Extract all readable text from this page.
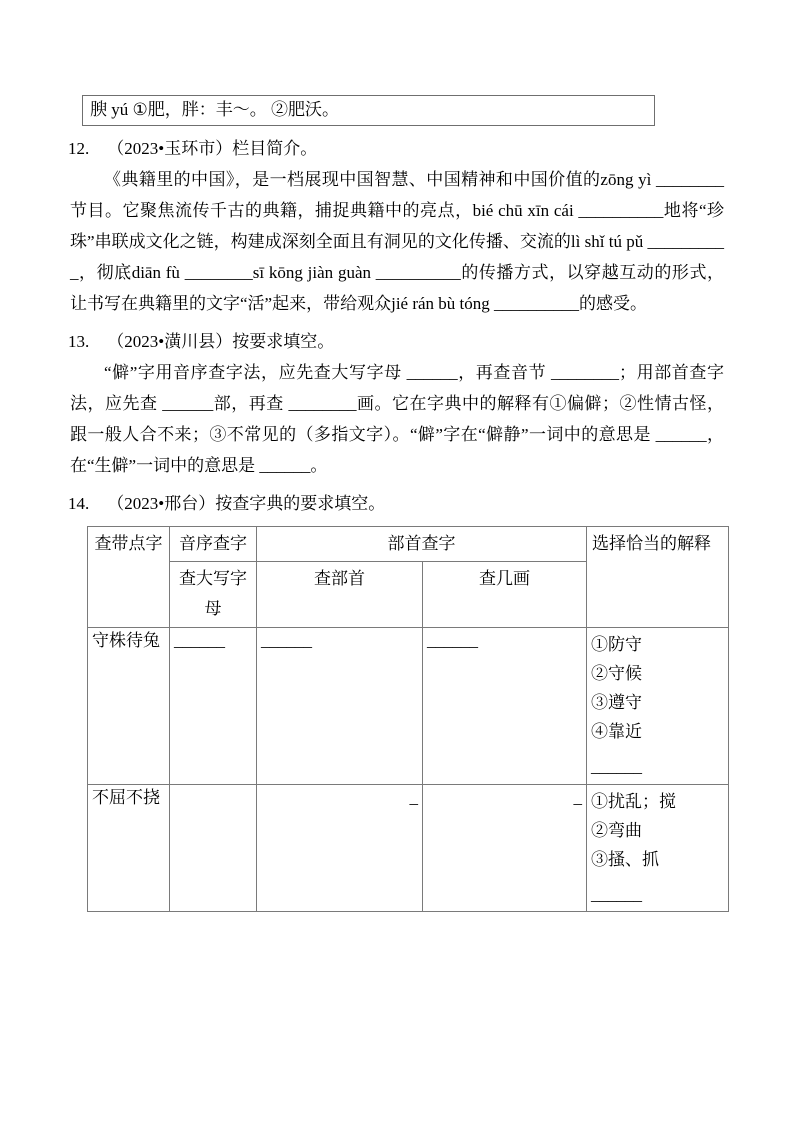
腴 yú ①肥，胖：丰～。 ②肥沃。
12. （2023•玉环市）栏目简介。
《典籍里的中国》，是一档展现中国智慧、中国精神和中国价值的zōng yì ________节目。它聚焦流传千古的典籍，捕捉典籍中的亮点，bié chū xīn cái __________地将“珍珠”串联成文化之链，构建成深刻全面且有洞见的文化传播、交流的lì shǐ tú pǔ __________，彻底diān fù ________sī kōng jiàn guàn __________的传播方式，以穿越互动的形式，让书写在典籍里的文字“活”起来，带给观众jié rán bù tóng __________的感受。
13. （2023•潢川县）按要求填空。
“僻”字用音序查字法，应先查大写字母 ______，再查音节 ________；用部首查字法，应先查 ______部，再查 ________画。它在字典中的解释有①偏僻；②性情古怪，跟一般人合不来；③不常见的（多指文字）。“僻”字在“僻静”一词中的意思是 ______，在“生僻”一词中的意思是 ______。
14. （2023•邢台）按查字典的要求填空。
查带点字	音序查字	部首查字		选择恰当的解释
	查大写字母	查部首	查几画	
守株待兔	______	______	______	①防守
②守候
③遵守
④靠近
______

不屈不挠		_	_	①扰乱；搅
②弯曲
③搔、抓
______
